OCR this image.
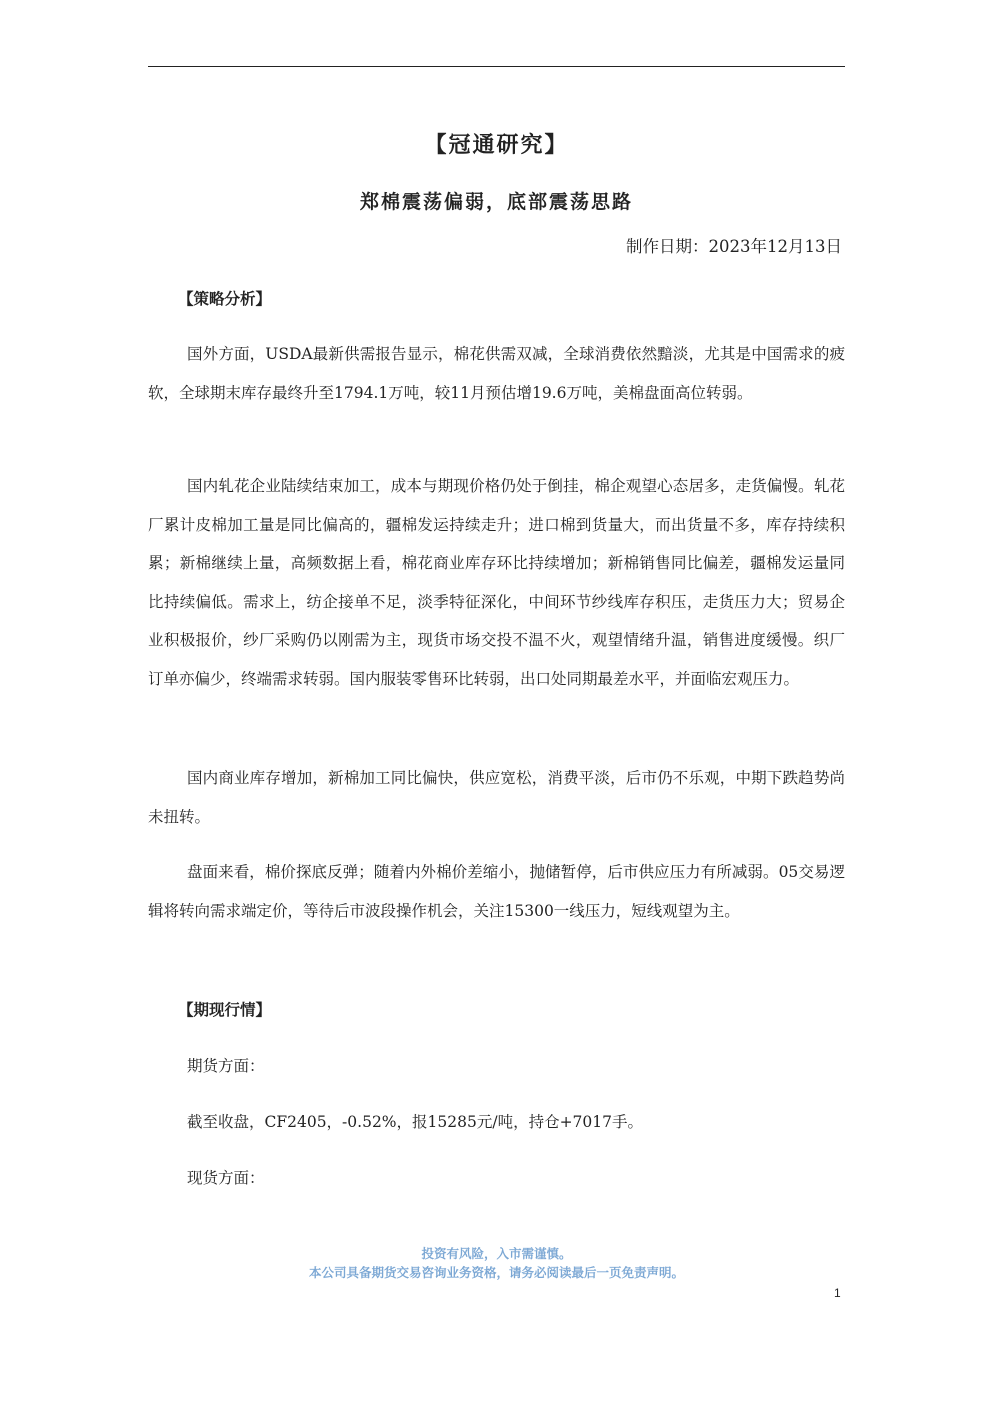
【冠通研究】
郑棉震荡偏弱，底部震荡思路
制作日期：2023年12月13日
【策略分析】

国外方面，USDA最新供需报告显示，棉花供需双减，全球消费依然黯淡，尤其是中国需求的疲软，全球期末库存最终升至1794.1万吨，较11月预估增19.6万吨，美棉盘面高位转弱。

国内轧花企业陆续结束加工，成本与期现价格仍处于倒挂，棉企观望心态居多，走货偏慢。轧花厂累计皮棉加工量是同比偏高的，疆棉发运持续走升；进口棉到货量大，而出货量不多，库存持续积累；新棉继续上量，高频数据上看，棉花商业库存环比持续增加；新棉销售同比偏差，疆棉发运量同比持续偏低。需求上，纺企接单不足，淡季特征深化，中间环节纱线库存积压，走货压力大；贸易企业积极报价，纱厂采购仍以刚需为主，现货市场交投不温不火，观望情绪升温，销售进度缓慢。织厂订单亦偏少，终端需求转弱。国内服装零售环比转弱，出口处同期最差水平，并面临宏观压力。

国内商业库存增加，新棉加工同比偏快，供应宽松，消费平淡，后市仍不乐观，中期下跌趋势尚未扭转。

盘面来看，棉价探底反弹；随着内外棉价差缩小，抛储暂停，后市供应压力有所减弱。05交易逻辑将转向需求端定价，等待后市波段操作机会，关注15300一线压力，短线观望为主。

【期现行情】
期货方面：
截至收盘，CF2405，-0.52%，报15285元/吨，持仓+7017手。
现货方面：
投资有风险，入市需谨慎。
本公司具备期货交易咨询业务资格，请务必阅读最后一页免责声明。
1
